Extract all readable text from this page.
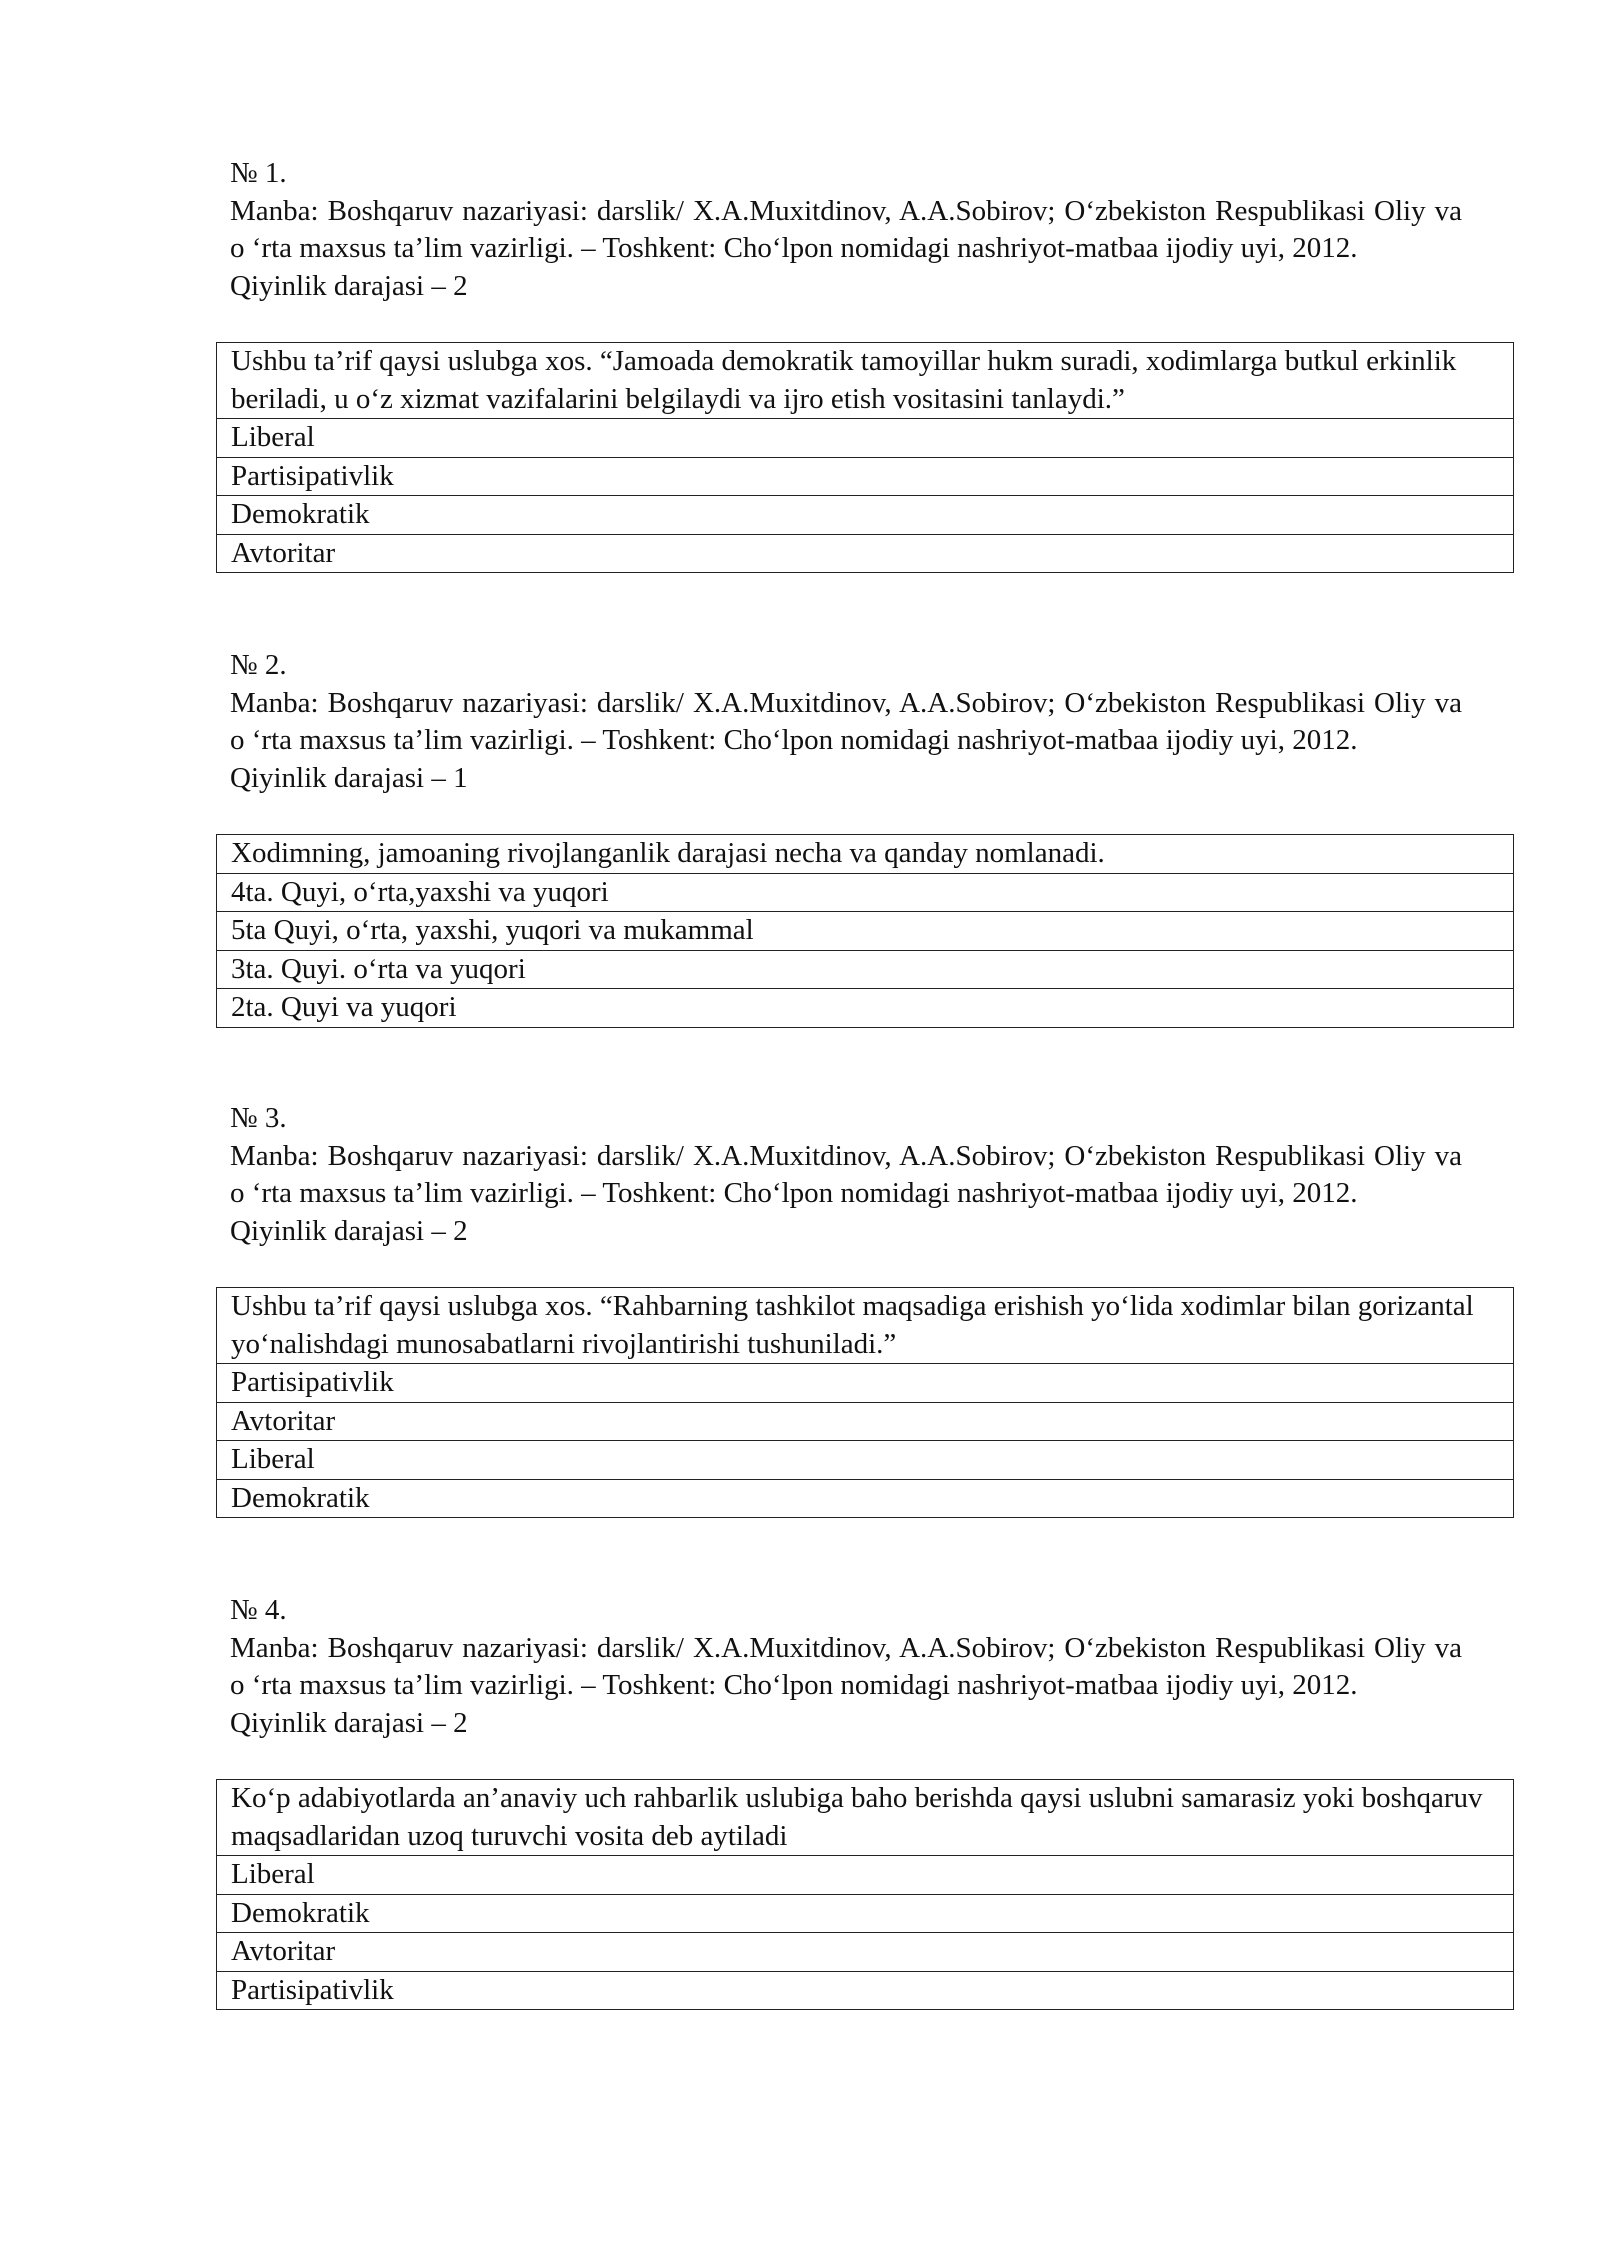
№ 1.

Manba: Boshqaruv nazariyasi: darslik/ X.A.Muxitdinov, A.A.Sobirov; O‘zbekiston Respublikasi Oliy va o ‘rta maxsus ta’lim vazirligi. – Toshkent: Cho‘lpon nomidagi nashriyot-matbaa ijodiy uyi, 2012.

Qiyinlik darajasi – 2

Ushbu ta’rif qaysi uslubga xos. “Jamoada demokratik tamoyillar hukm suradi, xodimlarga butkul erkinlik beriladi, u o‘z xizmat vazifalarini belgilaydi va ijro etish vositasini tanlaydi.”
Liberal
Partisipativlik
Demokratik
Avtoritar

№ 2.

Manba: Boshqaruv nazariyasi: darslik/ X.A.Muxitdinov, A.A.Sobirov; O‘zbekiston Respublikasi Oliy va o ‘rta maxsus ta’lim vazirligi. – Toshkent: Cho‘lpon nomidagi nashriyot-matbaa ijodiy uyi, 2012.

Qiyinlik darajasi – 1

Xodimning, jamoaning rivojlanganlik darajasi necha va qanday nomlanadi.
4ta. Quyi, o‘rta,yaxshi va yuqori
5ta Quyi, o‘rta, yaxshi, yuqori va mukammal
3ta. Quyi. o‘rta va yuqori
2ta. Quyi va yuqori

№ 3.

Manba: Boshqaruv nazariyasi: darslik/ X.A.Muxitdinov, A.A.Sobirov; O‘zbekiston Respublikasi Oliy va o ‘rta maxsus ta’lim vazirligi. – Toshkent: Cho‘lpon nomidagi nashriyot-matbaa ijodiy uyi, 2012.

Qiyinlik darajasi – 2

Ushbu ta’rif qaysi uslubga xos. “Rahbarning tashkilot maqsadiga erishish yo‘lida xodimlar bilan gorizantal yo‘nalishdagi munosabatlarni rivojlantirishi tushuniladi.”
Partisipativlik
Avtoritar
Liberal
Demokratik

№ 4.

Manba: Boshqaruv nazariyasi: darslik/ X.A.Muxitdinov, A.A.Sobirov; O‘zbekiston Respublikasi Oliy va o ‘rta maxsus ta’lim vazirligi. – Toshkent: Cho‘lpon nomidagi nashriyot-matbaa ijodiy uyi, 2012.

Qiyinlik darajasi – 2

Ko‘p adabiyotlarda an’anaviy uch rahbarlik uslubiga baho berishda qaysi uslubni samarasiz yoki boshqaruv maqsadlaridan uzoq turuvchi vosita deb aytiladi
Liberal
Demokratik
Avtoritar
Partisipativlik
